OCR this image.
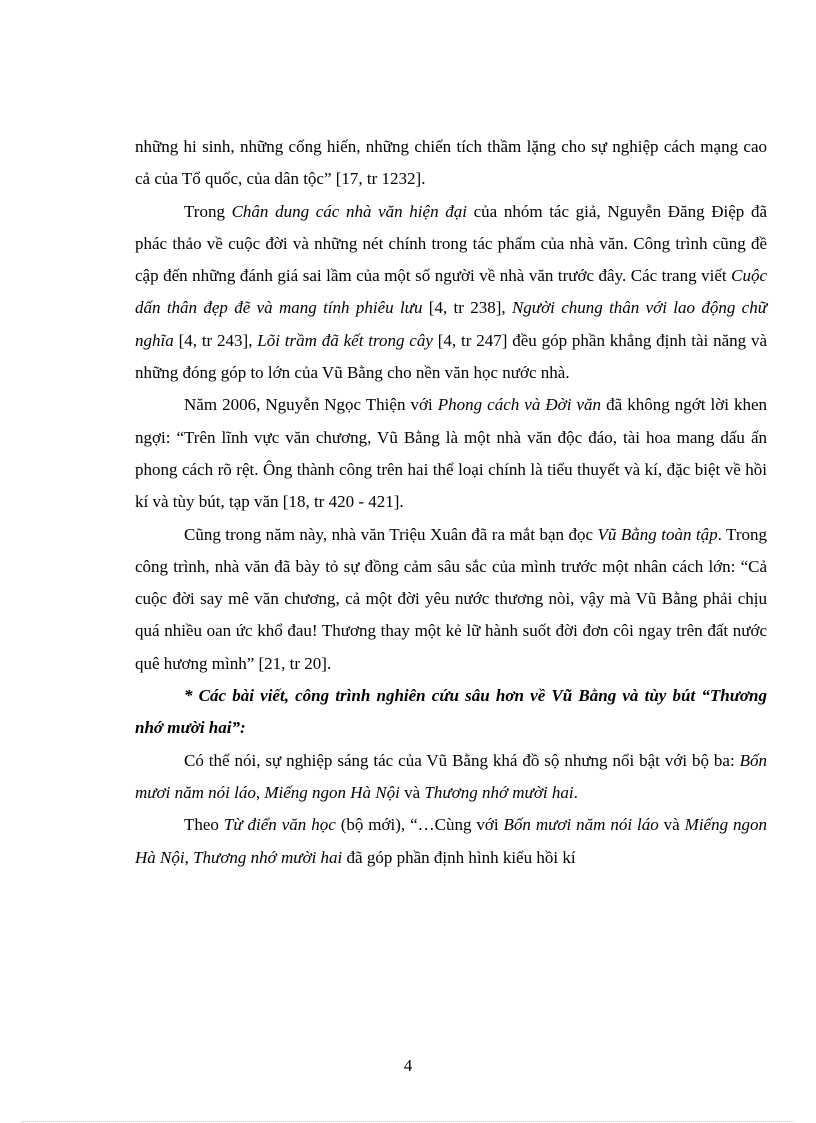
những hi sinh, những cống hiến, những chiến tích thầm lặng cho sự nghiệp cách mạng cao cả của Tổ quốc, của dân tộc” [17, tr 1232].

Trong Chân dung các nhà văn hiện đại của nhóm tác giả, Nguyễn Đăng Điệp đã phác thảo về cuộc đời và những nét chính trong tác phẩm của nhà văn. Công trình cũng đề cập đến những đánh giá sai lầm của một số người về nhà văn trước đây. Các trang viết Cuộc dấn thân đẹp đẽ và mang tính phiêu lưu [4, tr 238], Người chung thân với lao động chữ nghĩa [4, tr 243], Lõi trầm đã kết trong cây [4, tr 247] đều góp phần khẳng định tài năng và những đóng góp to lớn của Vũ Bằng cho nền văn học nước nhà.

Năm 2006, Nguyễn Ngọc Thiện với Phong cách và Đời văn đã không ngớt lời khen ngợi: “Trên lĩnh vực văn chương, Vũ Bằng là một nhà văn độc đáo, tài hoa mang dấu ấn phong cách rõ rệt. Ông thành công trên hai thể loại chính là tiểu thuyết và kí, đặc biệt về hồi kí và tùy bút, tạp văn [18, tr 420 - 421].

Cũng trong năm này, nhà văn Triệu Xuân đã ra mắt bạn đọc Vũ Bằng toàn tập. Trong công trình, nhà văn đã bày tỏ sự đồng cảm sâu sắc của mình trước một nhân cách lớn: “Cả cuộc đời say mê văn chương, cả một đời yêu nước thương nòi, vậy mà Vũ Bằng phải chịu quá nhiều oan ức khổ đau! Thương thay một kẻ lữ hành suốt đời đơn côi ngay trên đất nước quê hương mình” [21, tr 20].

* Các bài viết, công trình nghiên cứu sâu hơn về Vũ Bằng và tùy bút “Thương nhớ mười hai”:

Có thể nói, sự nghiệp sáng tác của Vũ Bằng khá đồ sộ nhưng nổi bật với bộ ba: Bốn mươi năm nói láo, Miếng ngon Hà Nội và Thương nhớ mười hai.

Theo Từ điển văn học (bộ mới), “…Cùng với Bốn mươi năm nói láo và Miếng ngon Hà Nội, Thương nhớ mười hai đã góp phần định hình kiểu hồi kí

4
